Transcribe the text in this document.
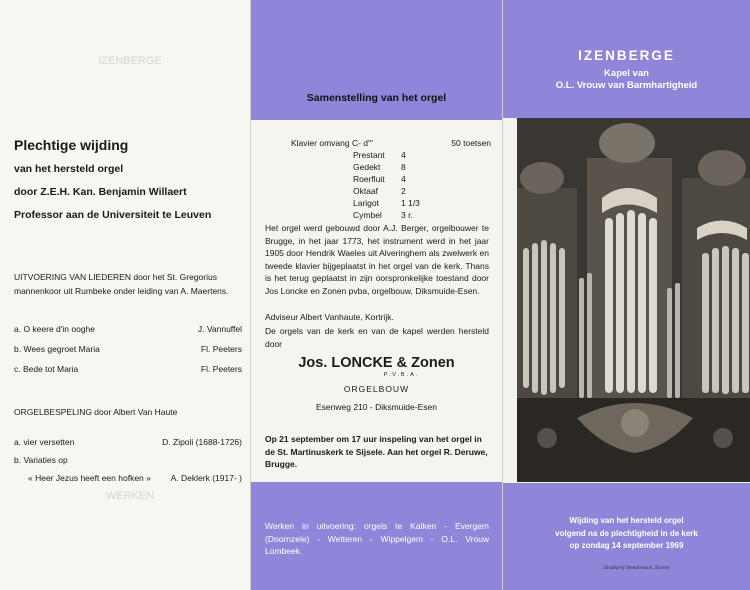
IZENBERGE
WERKEN
Plechtige wijding
van het hersteld orgel
door Z.E.H. Kan. Benjamin Willaert
Professor aan de Universiteit te Leuven
UITVOERING VAN LIEDEREN door het St. Gregorius mannenkoor uit Rumbeke onder leiding van A. Maertens.
a. O keere d'in ooghe	J. Vannuffel
b. Wees gegroet Maria	Fl. Peeters
c. Bede tot Maria	Fl. Peeters
ORGELBESPELING door Albert Van Haute
a. vier versetten	D. Zipoli (1688-1726)
b. Variaties op
« Heer Jezus heeft een hofken » A. Deklerk (1917- )
Samenstelling van het orgel
Klavier omvang C- d'''	50 toetsen
Prestant	4
Gedekt	8
Roerfluit	4
Oktaaf	2
Larigot	1 1/3
Cymbel	3 r.
Het orgel werd gebouwd door A.J. Berger, orgelbouwer te Brugge, in het jaar 1773, het instrument werd in het jaar 1905 door Hendrik Waeles uit Alveringhem als zwelwerk en tweede klavier bijgeplaatst in het orgel van de kerk. Thans is het terug geplaatst in zijn oorspronkelijke toestand door Jos Loncke en Zonen pvba, orgelbouw, Diksmuide-Esen.
Adviseur Albert Vanhaute, Kortrijk.
De orgels van de kerk en van de kapel werden hersteld door
Jos. LONCKE & Zonen
P.V.B.A.
ORGELBOUW
Esenweg 210 - Diksmuide-Esen
Op 21 september om 17 uur inspeling van het orgel in de St. Martinuskerk te Sijsele. Aan het orgel R. Deruwe, Brugge.
Werken in uitvoering: orgels te Kalken - Evergem (Doornzele) - Wetteren - Wippelgem - O.L. Vrouw Lombeek.
IZENBERGE
Kapel van
O.L. Vrouw van Barmhartigheid
Wijding van het hersteld orgel
volgend na de plechtigheid in de kerk
op zondag 14 september 1969
Drukkerij Slembrouck, Zarren
